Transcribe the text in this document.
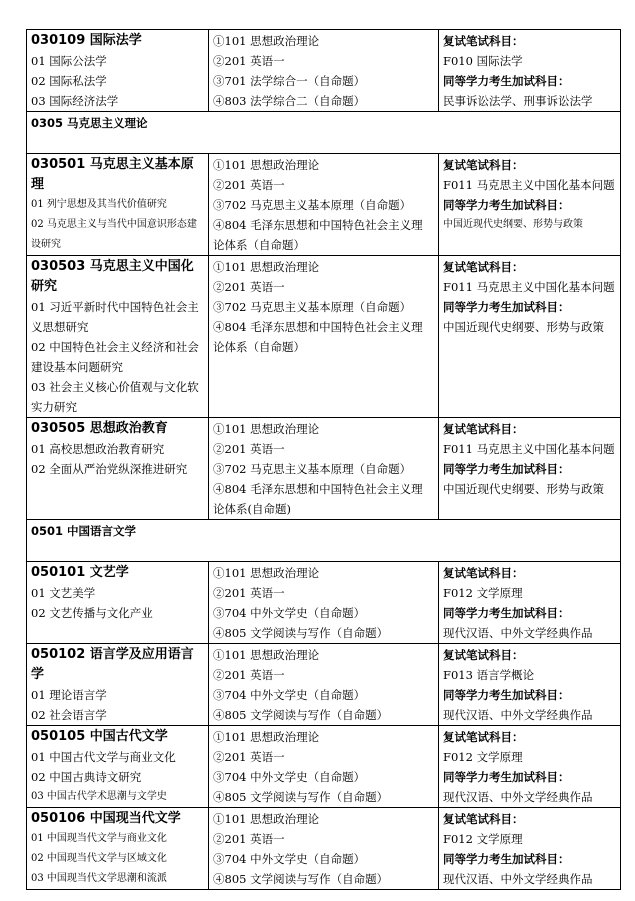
030109 国际法学
01 国际公法学
02 国际私法学
03 国际经济法学	①101 思想政治理论
②201 英语一
③701 法学综合一（自命题）
④803 法学综合二（自命题）	复试笔试科目：
F010 国际法学
同等学力考生加试科目：
民事诉讼法学、刑事诉讼法学

0305 马克思主义理论		

030501 马克思主义基本原理
01 列宁思想及其当代价值研究
02 马克思主义与当代中国意识形态建设研究	①101 思想政治理论
②201 英语一
③702 马克思主义基本原理（自命题）
④804 毛泽东思想和中国特色社会主义理论体系（自命题）	复试笔试科目：
F011 马克思主义中国化基本问题
同等学力考生加试科目：
中国近现代史纲要、形势与政策

030503 马克思主义中国化研究
01 习近平新时代中国特色社会主义思想研究
02 中国特色社会主义经济和社会建设基本问题研究
03 社会主义核心价值观与文化软实力研究	①101 思想政治理论
②201 英语一
③702 马克思主义基本原理（自命题）
④804 毛泽东思想和中国特色社会主义理论体系（自命题）	复试笔试科目：
F011 马克思主义中国化基本问题
同等学力考生加试科目：
中国近现代史纲要、形势与政策

030505 思想政治教育
01 高校思想政治教育研究
02 全面从严治党纵深推进研究	①101 思想政治理论
②201 英语一
③702 马克思主义基本原理（自命题）
④804 毛泽东思想和中国特色社会主义理论体系(自命题)	复试笔试科目：
F011 马克思主义中国化基本问题
同等学力考生加试科目：
中国近现代史纲要、形势与政策

0501 中国语言文学		

050101 文艺学
01 文艺美学
02 文艺传播与文化产业	①101 思想政治理论
②201 英语一
③704 中外文学史（自命题）
④805 文学阅读与写作（自命题）	复试笔试科目：
F012 文学原理
同等学力考生加试科目：
现代汉语、中外文学经典作品

050102 语言学及应用语言学
01 理论语言学
02 社会语言学	①101 思想政治理论
②201 英语一
③704 中外文学史（自命题）
④805 文学阅读与写作（自命题）	复试笔试科目：
F013 语言学概论
同等学力考生加试科目：
现代汉语、中外文学经典作品

050105 中国古代文学
01 中国古代文学与商业文化
02 中国古典诗文研究
03 中国古代学术思潮与文学史	①101 思想政治理论
②201 英语一
③704 中外文学史（自命题）
④805 文学阅读与写作（自命题）	复试笔试科目：
F012 文学原理
同等学力考生加试科目：
现代汉语、中外文学经典作品

050106 中国现当代文学
01 中国现当代文学与商业文化
02 中国现当代文学与区域文化
03 中国现当代文学思潮和流派	①101 思想政治理论
②201 英语一
③704 中外文学史（自命题）
④805 文学阅读与写作（自命题）	复试笔试科目：
F012 文学原理
同等学力考生加试科目：
现代汉语、中外文学经典作品
